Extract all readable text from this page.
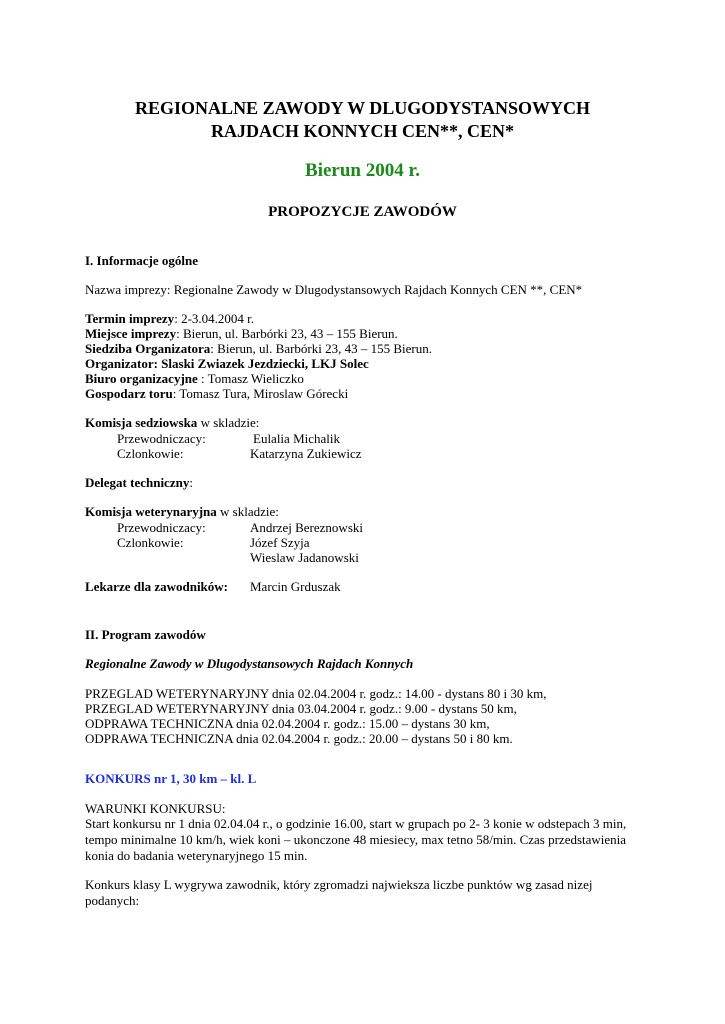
REGIONALNE ZAWODY W DLUGODYSTANSOWYCH
RAJDACH KONNYCH CEN**, CEN*
Bierun 2004 r.
PROPOZYCJE ZAWODÓW
I. Informacje ogólne
Nazwa imprezy: Regionalne Zawody w Dlugodystansowych Rajdach Konnych CEN **, CEN*
Termin imprezy: 2-3.04.2004 r.
Miejsce imprezy: Bierun, ul. Barbórki 23, 43 – 155 Bierun.
Siedziba Organizatora: Bierun, ul. Barbórki 23, 43 – 155 Bierun.
Organizator: Slaski Zwiazek Jezdziecki, LKJ Solec
Biuro organizacyjne : Tomasz Wieliczko
Gospodarz toru: Tomasz Tura, Miroslaw Górecki
Komisja sedziowska w skladzie:
Przewodniczacy:	Eulalia Michalik
Czlonkowie:	Katarzyna Zukiewicz
Delegat techniczny:
Komisja weterynaryjna w skladzie:
Przewodniczacy:	Andrzej Bereznowski
Czlonkowie:	Józef Szyja
Wieslaw Jadanowski
Lekarze dla zawodników: Marcin Grduszak
II. Program zawodów
Regionalne Zawody w Dlugodystansowych Rajdach Konnych
PRZEGLAD WETERYNARYJNY dnia 02.04.2004 r. godz.: 14.00 - dystans 80 i 30 km,
PRZEGLAD WETERYNARYJNY dnia 03.04.2004 r. godz.: 9.00 - dystans 50 km,
ODPRAWA TECHNICZNA dnia 02.04.2004 r. godz.: 15.00 – dystans 30 km,
ODPRAWA TECHNICZNA dnia 02.04.2004 r. godz.: 20.00 – dystans 50 i 80 km.
KONKURS nr 1, 30 km – kl. L
WARUNKI KONKURSU:
Start konkursu nr 1 dnia 02.04.04 r., o godzinie 16.00, start w grupach po 2- 3 konie w odstepach 3 min, tempo minimalne 10 km/h, wiek koni – ukonczone 48 miesiecy, max tetno 58/min. Czas przedstawienia konia do badania weterynaryjnego 15 min.
Konkurs klasy L wygrywa zawodnik, który zgromadzi najwieksza liczbe punktów wg zasad nizej podanych:
